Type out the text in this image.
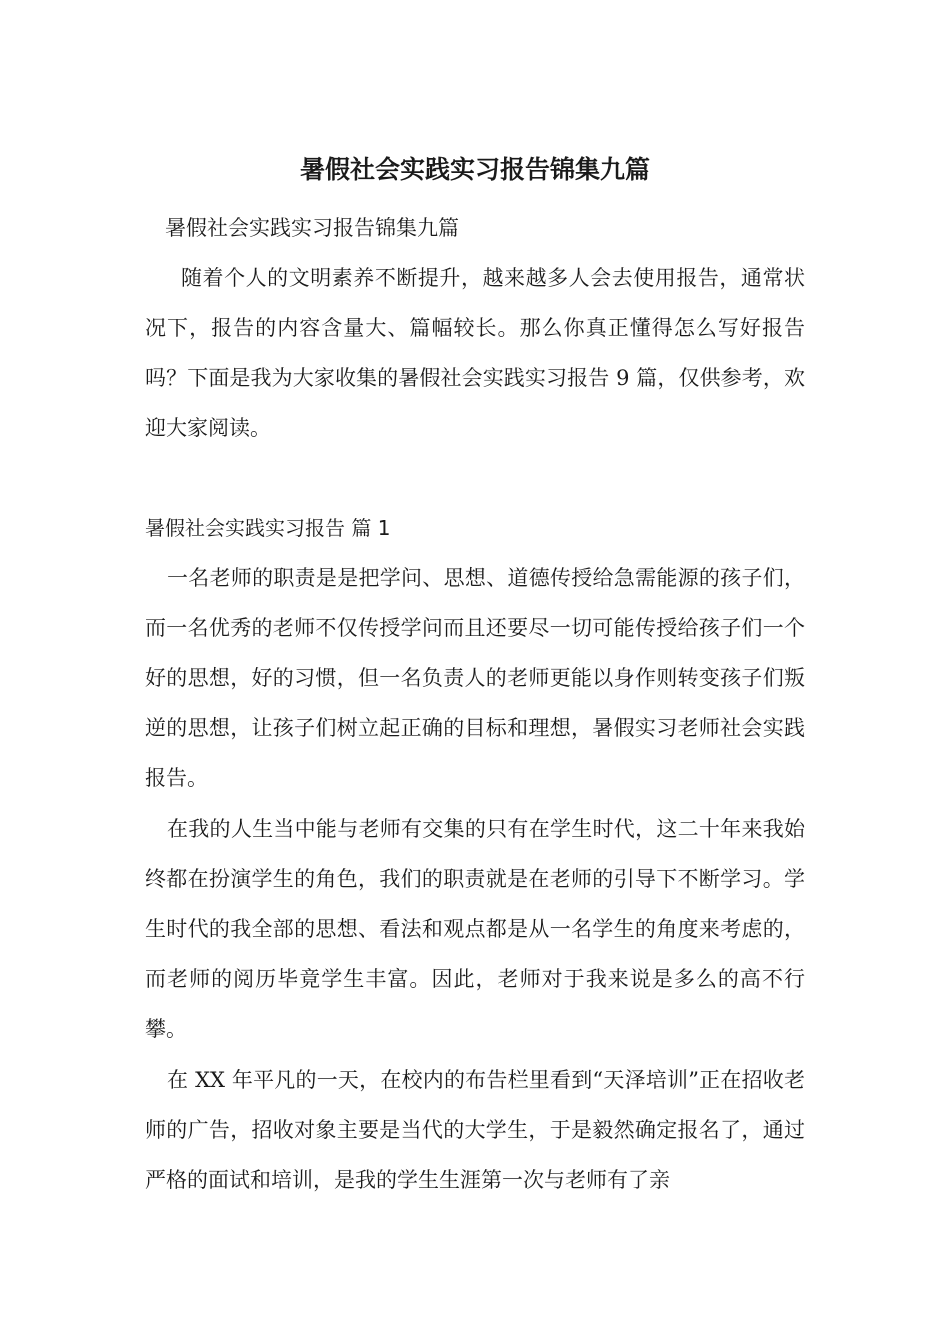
暑假社会实践实习报告锦集九篇

暑假社会实践实习报告锦集九篇

随着个人的文明素养不断提升，越来越多人会去使用报告，通常状况下，报告的内容含量大、篇幅较长。那么你真正懂得怎么写好报告吗？下面是我为大家收集的暑假社会实践实习报告 9 篇，仅供参考，欢迎大家阅读。

暑假社会实践实习报告 篇 1

一名老师的职责是是把学问、思想、道德传授给急需能源的孩子们，而一名优秀的老师不仅传授学问而且还要尽一切可能传授给孩子们一个好的思想，好的习惯，但一名负责人的老师更能以身作则转变孩子们叛逆的思想，让孩子们树立起正确的目标和理想，暑假实习老师社会实践报告。

在我的人生当中能与老师有交集的只有在学生时代，这二十年来我始终都在扮演学生的角色，我们的职责就是在老师的引导下不断学习。学生时代的我全部的思想、看法和观点都是从一名学生的角度来考虑的，而老师的阅历毕竟学生丰富。因此，老师对于我来说是多么的高不行攀。

在 XX 年平凡的一天，在校内的布告栏里看到“天泽培训”正在招收老师的广告，招收对象主要是当代的大学生，于是毅然确定报名了，通过严格的面试和培训，是我的学生生涯第一次与老师有了亲
